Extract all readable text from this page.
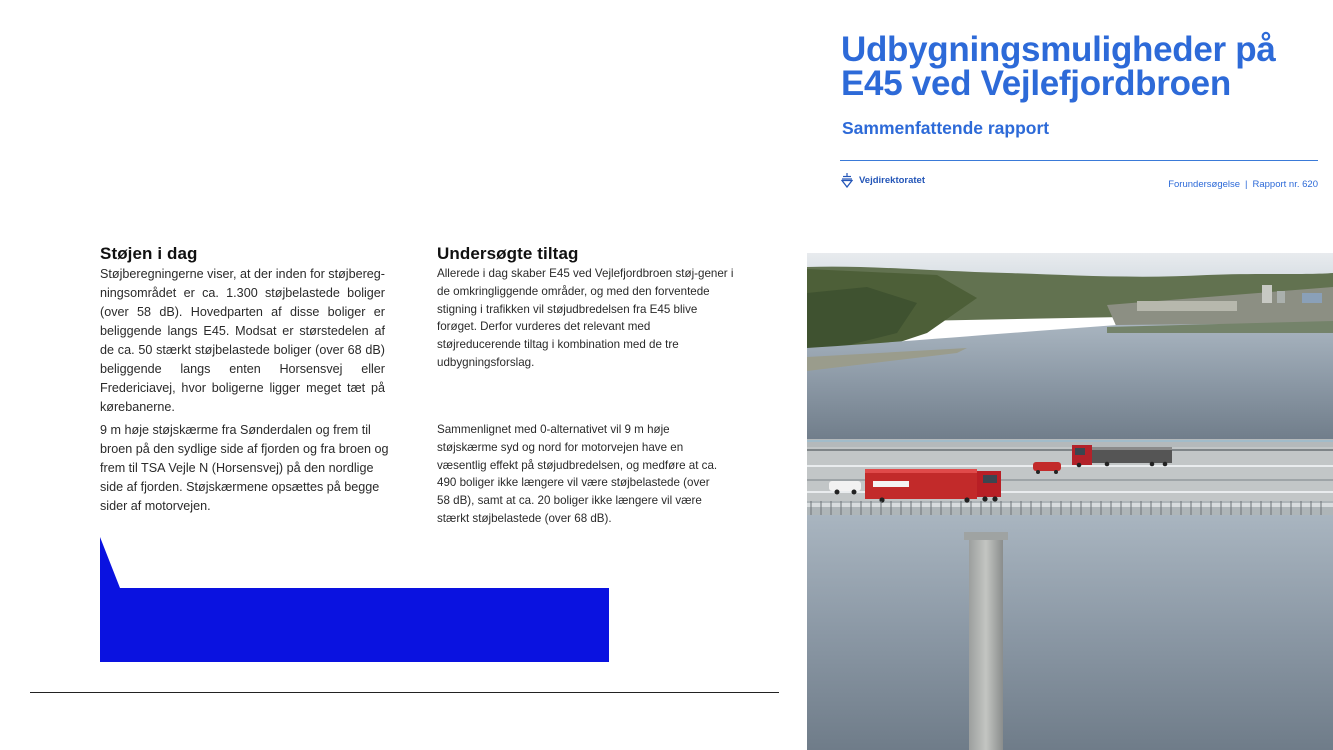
Støjen i dag
Støjberegningerne viser, at der inden for støjbereg-ningsområdet er ca. 1.300 støjbelastede boliger (over 58 dB). Hovedparten af disse boliger er beliggende langs E45. Modsat er størstedelen af de ca. 50 stærkt støjbelastede boliger (over 68 dB) beliggende langs enten Horsensvej eller Fredericiavej, hvor boligerne ligger meget tæt på kørebanerne.
Undersøgte tiltag
Allerede i dag skaber E45 ved Vejlefjordbroen støj-gener i de omkringliggende områder, og med den forventede stigning i trafikken vil støjudbredelsen fra E45 blive forøget. Derfor vurderes det relevant med støjreducerende tiltag i kombination med de tre udbygningsforslag.
9 m høje støjskærme fra Sønderdalen og frem til broen på den sydlige side af fjorden og fra broen og frem til TSA Vejle N (Horsensvej) på den nordlige side af fjorden. Støjskærmene opsættes på begge sider af motorvejen.
Sammenlignet med 0-alternativet vil 9 m høje støjskærme syd og nord for motorvejen have en væsentlig effekt på støjudbredelsen, og medføre at ca. 490 boliger ikke længere vil være støjbelastede (over 58 dB), samt at ca. 20 boliger ikke længere vil være stærkt støjbelastede (over 68 dB).
Udbygningsmuligheder på
E45 ved Vejlefjordbroen
Sammenfattende rapport
Vejdirektoratet	Forundersøgelse | Rapport nr. 620
